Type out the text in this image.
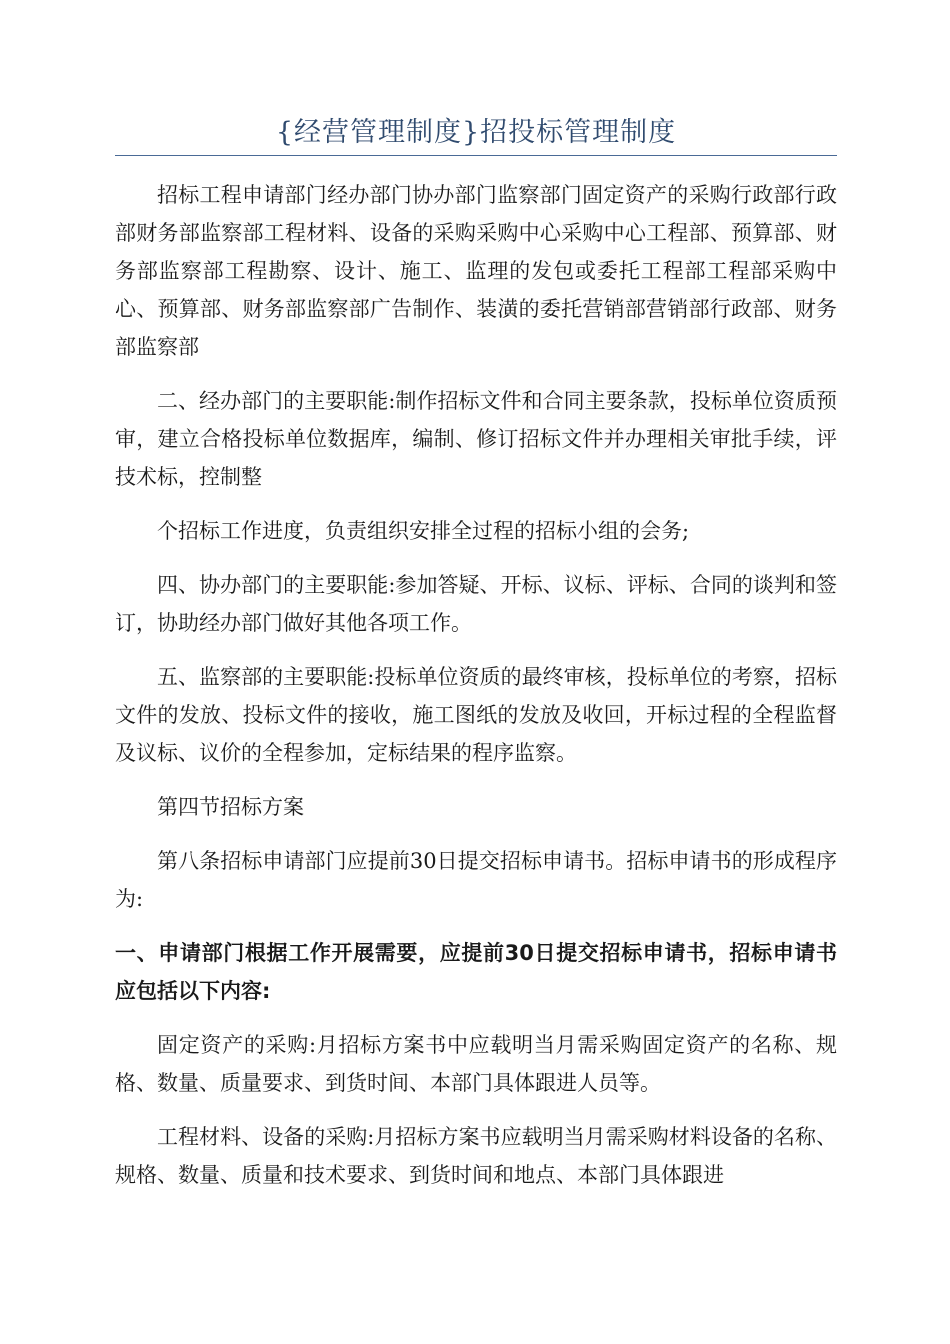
{经营管理制度}招投标管理制度

招标工程申请部门经办部门协办部门监察部门固定资产的采购行政部行政部财务部监察部工程材料、设备的采购采购中心采购中心工程部、预算部、财务部监察部工程勘察、设计、施工、监理的发包或委托工程部工程部采购中心、预算部、财务部监察部广告制作、装潢的委托营销部营销部行政部、财务部监察部

二、经办部门的主要职能:制作招标文件和合同主要条款，投标单位资质预审，建立合格投标单位数据库，编制、修订招标文件并办理相关审批手续，评技术标，控制整

个招标工作进度，负责组织安排全过程的招标小组的会务;

四、协办部门的主要职能:参加答疑、开标、议标、评标、合同的谈判和签订，协助经办部门做好其他各项工作。

五、监察部的主要职能:投标单位资质的最终审核，投标单位的考察，招标文件的发放、投标文件的接收，施工图纸的发放及收回，开标过程的全程监督及议标、议价的全程参加，定标结果的程序监察。

第四节招标方案

第八条招标申请部门应提前30日提交招标申请书。招标申请书的形成程序为:

一、申请部门根据工作开展需要，应提前30日提交招标申请书，招标申请书应包括以下内容:

固定资产的采购:月招标方案书中应载明当月需采购固定资产的名称、规格、数量、质量要求、到货时间、本部门具体跟进人员等。

工程材料、设备的采购:月招标方案书应载明当月需采购材料设备的名称、规格、数量、质量和技术要求、到货时间和地点、本部门具体跟进
